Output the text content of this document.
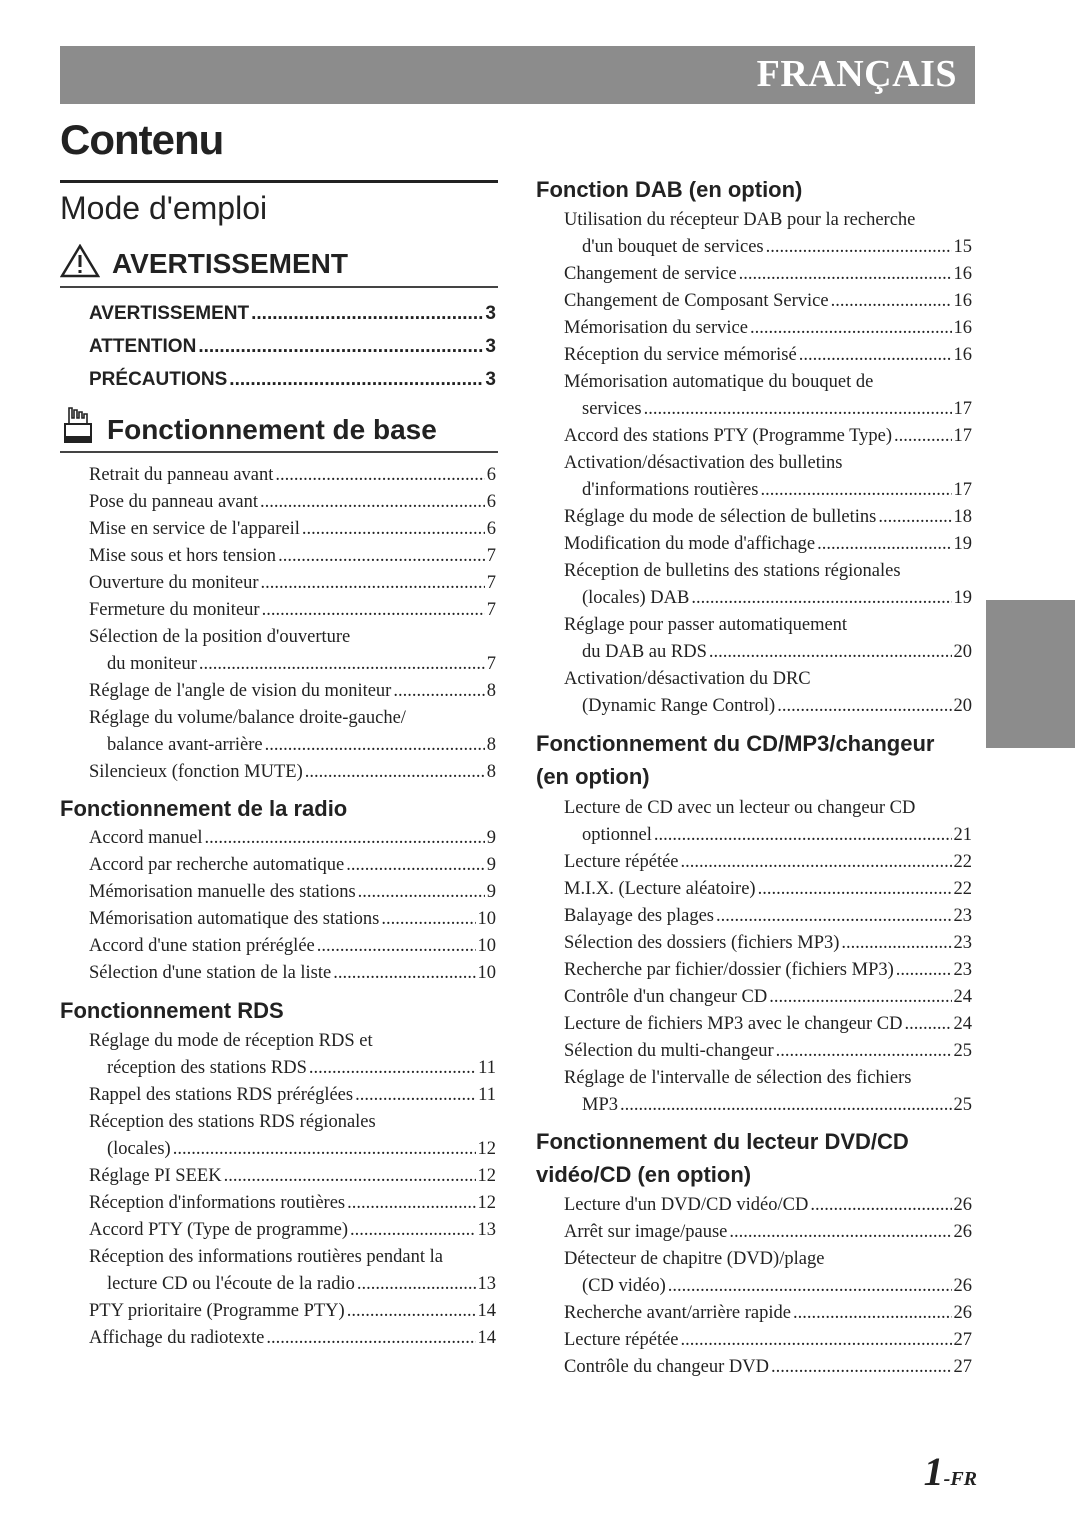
FRANÇAIS
Contenu
Mode d'emploi
AVERTISSEMENT
AVERTISSEMENT .....	3
ATTENTION .....	3
PRÉCAUTIONS .....	3
Fonctionnement de base
Retrait du panneau avant .....	6
Pose du panneau avant .....	6
Mise en service de l'appareil .....	6
Mise sous et hors tension .....	7
Ouverture du moniteur .....	7
Fermeture du moniteur .....	7
Sélection de la position d'ouverture
du moniteur .....	7
Réglage de l'angle de vision du moniteur .....	8
Réglage du volume/balance droite-gauche/
balance avant-arrière .....	8
Silencieux (fonction MUTE) .....	8
Fonctionnement de la radio
Accord manuel .....	9
Accord par recherche automatique .....	9
Mémorisation manuelle des stations .....	9
Mémorisation automatique des stations .....	10
Accord d'une station préréglée .....	10
Sélection d'une station de la liste .....	10
Fonctionnement RDS
Réglage du mode de réception RDS et
réception des stations RDS .....	11
Rappel des stations RDS préréglées .....	11
Réception des stations RDS régionales
(locales) .....	12
Réglage PI SEEK .....	12
Réception d'informations routières .....	12
Accord PTY (Type de programme) .....	13
Réception des informations routières pendant la
lecture CD ou l'écoute de la radio .....	13
PTY prioritaire (Programme PTY) .....	14
Affichage du radiotexte .....	14
Fonction DAB (en option)
Utilisation du récepteur DAB pour la recherche
d'un bouquet de services .....	15
Changement de service .....	16
Changement de Composant Service .....	16
Mémorisation du service .....	16
Réception du service mémorisé .....	16
Mémorisation automatique du bouquet de
services .....	17
Accord des stations PTY (Programme Type) .....	17
Activation/désactivation des bulletins
d'informations routières .....	17
Réglage du mode de sélection de bulletins .....	18
Modification du mode d'affichage .....	19
Réception de bulletins des stations régionales
(locales) DAB .....	19
Réglage pour passer automatiquement
du DAB au RDS .....	20
Activation/désactivation du DRC
(Dynamic Range Control) .....	20
Fonctionnement du CD/MP3/changeur
(en option)
Lecture de CD avec un lecteur ou changeur CD
optionnel .....	21
Lecture répétée .....	22
M.I.X. (Lecture aléatoire) .....	22
Balayage des plages .....	23
Sélection des dossiers (fichiers MP3) .....	23
Recherche par fichier/dossier (fichiers MP3) .....	23
Contrôle d'un changeur CD .....	24
Lecture de fichiers MP3 avec le changeur CD .....	24
Sélection du multi-changeur .....	25
Réglage de l'intervalle de sélection des fichiers
MP3 .....	25
Fonctionnement du lecteur DVD/CD
vidéo/CD (en option)
Lecture d'un DVD/CD vidéo/CD .....	26
Arrêt sur image/pause .....	26
Détecteur de chapitre (DVD)/plage
(CD vidéo) .....	26
Recherche avant/arrière rapide .....	26
Lecture répétée .....	27
Contrôle du changeur DVD .....	27
1-FR
